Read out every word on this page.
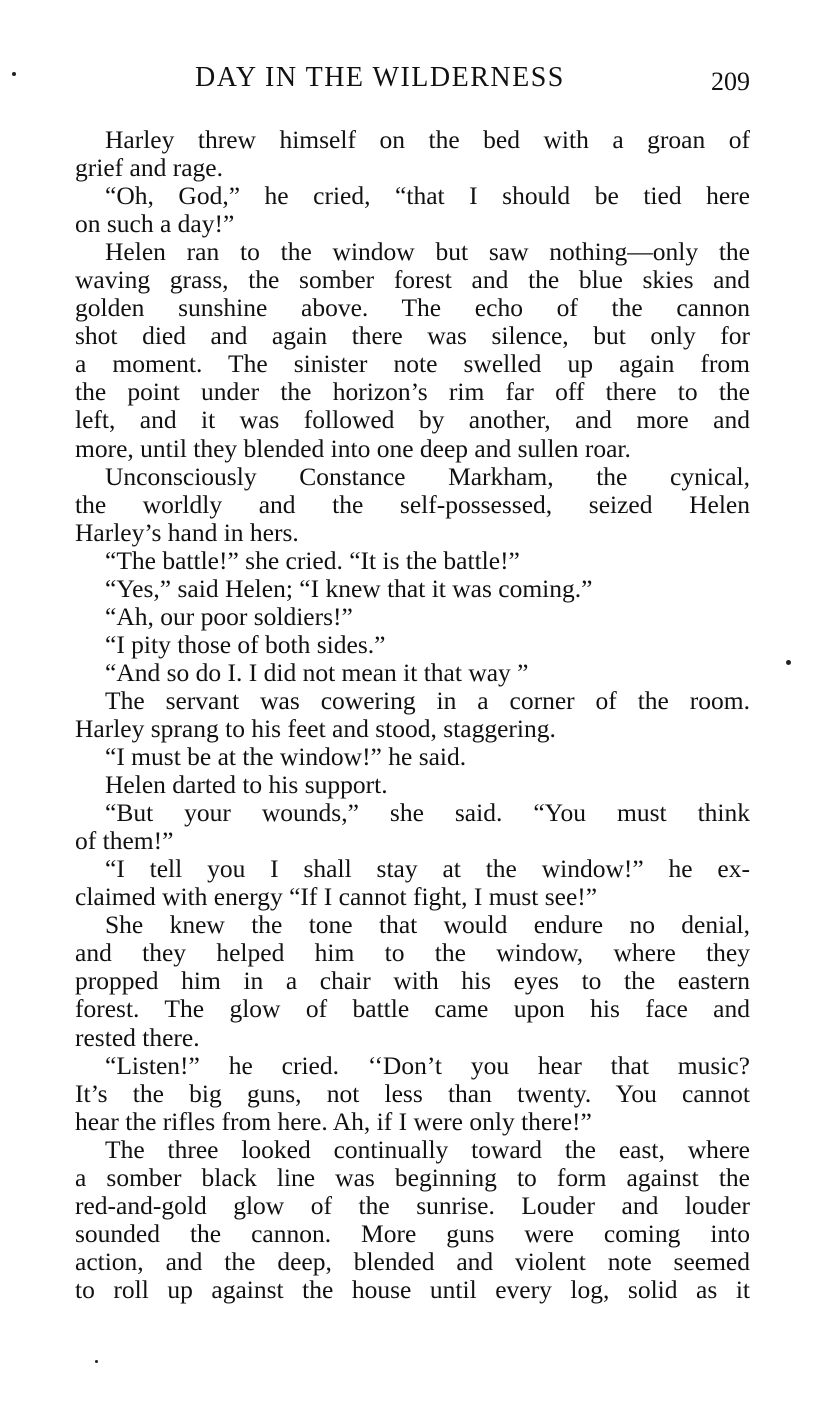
DAY IN THE WILDERNESS	209
Harley threw himself on the bed with a groan of
grief and rage.
“Oh, God,” he cried, “that I should be tied here
on such a day!”
Helen ran to the window but saw nothing—only the
waving grass, the somber forest and the blue skies and
golden sunshine above. The echo of the cannon
shot died and again there was silence, but only for
a moment. The sinister note swelled up again from
the point under the horizon’s rim far off there to the
left, and it was followed by another, and more and
more, until they blended into one deep and sullen roar.
Unconsciously Constance Markham, the cynical,
the worldly and the self-possessed, seized Helen
Harley’s hand in hers.
“The battle!” she cried. “It is the battle!”
“Yes,” said Helen; “I knew that it was coming.”
“Ah, our poor soldiers!”
“I pity those of both sides.”
“And so do I. I did not mean it that way ”
The servant was cowering in a corner of the room.
Harley sprang to his feet and stood, staggering.
“I must be at the window!” he said.
Helen darted to his support.
“But your wounds,” she said. “You must think
of them!”
“I tell you I shall stay at the window!” he ex-
claimed with energy “If I cannot fight, I must see!”
She knew the tone that would endure no denial,
and they helped him to the window, where they
propped him in a chair with his eyes to the eastern
forest. The glow of battle came upon his face and
rested there.
“Listen!” he cried. ‘‘Don’t you hear that music?
It’s the big guns, not less than twenty. You cannot
hear the rifles from here. Ah, if I were only there!”
The three looked continually toward the east, where
a somber black line was beginning to form against the
red-and-gold glow of the sunrise. Louder and louder
sounded the cannon. More guns were coming into
action, and the deep, blended and violent note seemed
to roll up against the house until every log, solid as it
